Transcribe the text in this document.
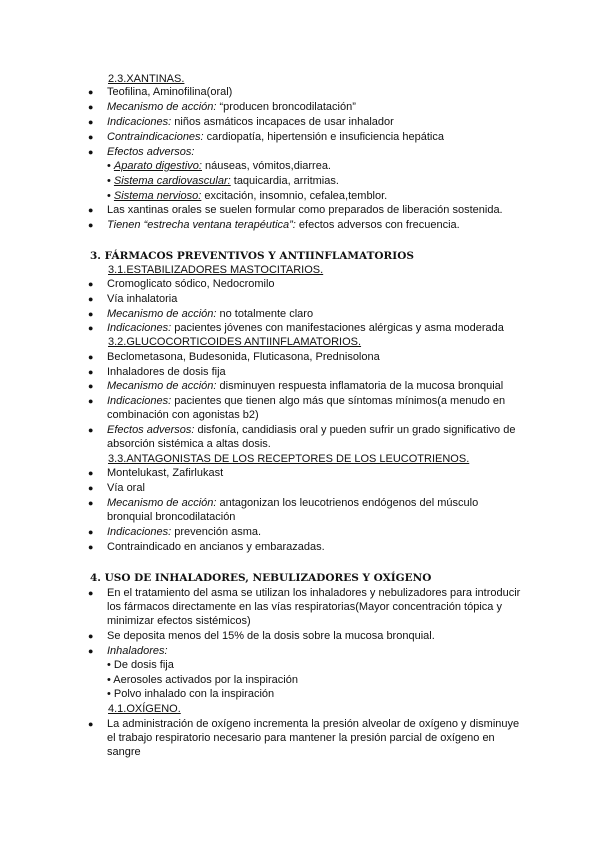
2.3.XANTINAS.
●	Teofilina, Aminofilina(oral)
●	Mecanismo de acción: “producen broncodilatación”
●	Indicaciones: niños asmáticos incapaces de usar inhalador
●	Contraindicaciones: cardiopatía, hipertensión e insuficiencia hepática
●	Efectos adversos:
• Aparato digestivo: náuseas, vómitos,diarrea.
• Sistema cardiovascular: taquicardia, arritmias.
• Sistema nervioso: excitación, insomnio, cefalea,temblor.
●	Las xantinas orales se suelen formular como preparados de liberación sostenida.
●	Tienen “estrecha ventana terapéutica”: efectos adversos con frecuencia.
3. FÁRMACOS PREVENTIVOS Y ANTIINFLAMATORIOS
3.1.ESTABILIZADORES MASTOCITARIOS.
●	Cromoglicato sódico, Nedocromilo
●	Vía inhalatoria
●	Mecanismo de acción: no totalmente claro
●	Indicaciones: pacientes jóvenes con manifestaciones alérgicas y asma moderada
3.2.GLUCOCORTICOIDES ANTIINFLAMATORIOS.
●	Beclometasona, Budesonida, Fluticasona, Prednisolona
●	Inhaladores de dosis fija
●	Mecanismo de acción: disminuyen respuesta inflamatoria de la mucosa bronquial
●	Indicaciones: pacientes que tienen algo más que síntomas mínimos(a menudo en
combinación con agonistas b2)
●	Efectos adversos: disfonía, candidiasis oral y pueden sufrir un grado significativo de
absorción sistémica a altas dosis.
3.3.ANTAGONISTAS DE LOS RECEPTORES DE LOS LEUCOTRIENOS.
●	Montelukast, Zafirlukast
●	Vía oral
●	Mecanismo de acción: antagonizan los leucotrienos endógenos del músculo
bronquial broncodilatación
●	Indicaciones: prevención asma.
●	Contraindicado en ancianos y embarazadas.
4. USO DE INHALADORES, NEBULIZADORES Y OXÍGENO
●	En el tratamiento del asma se utilizan los inhaladores y nebulizadores para introducir
los fármacos directamente en las vías respiratorias(Mayor concentración tópica y
minimizar efectos sistémicos)
●	Se deposita menos del 15% de la dosis sobre la mucosa bronquial.
●	Inhaladores:
• De dosis fija
• Aerosoles activados por la inspiración
• Polvo inhalado con la inspiración
4.1.OXÍGENO.
●	La administración de oxígeno incrementa la presión alveolar de oxígeno y disminuye
el trabajo respiratorio necesario para mantener la presión parcial de oxígeno en
sangre
